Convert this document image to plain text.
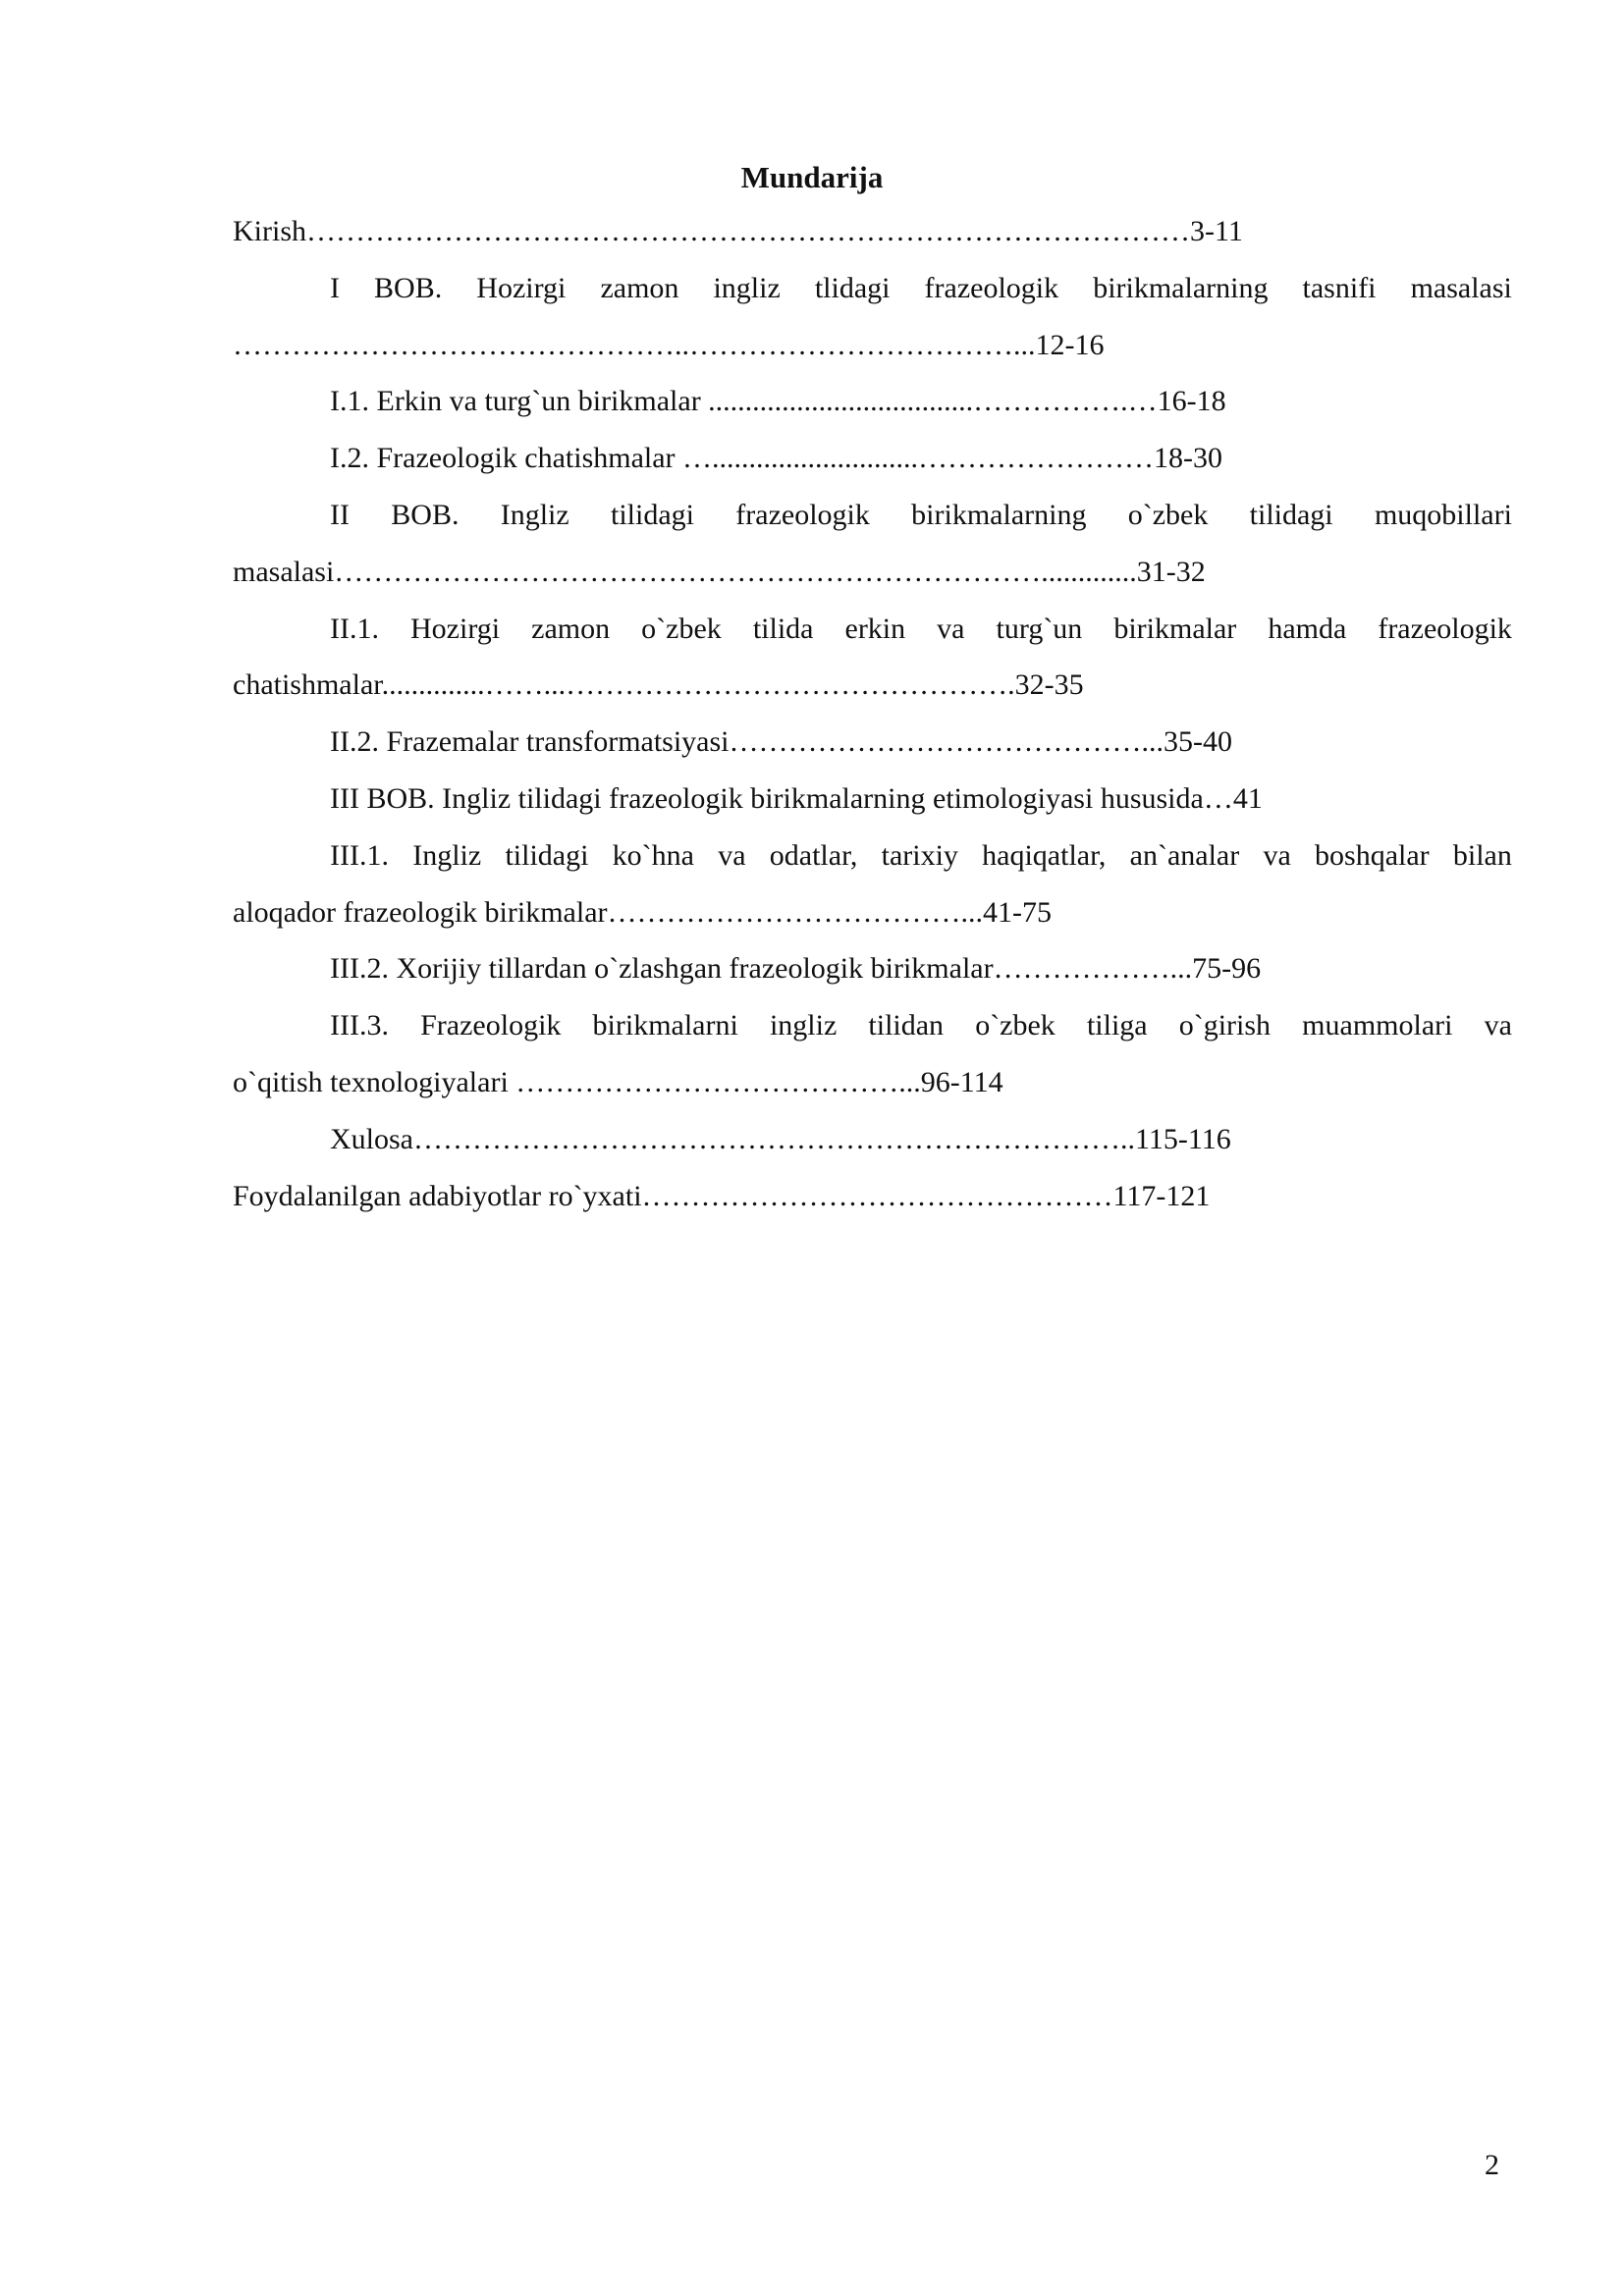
Mundarija
Kirish………………………………………………………………………………3-11
I BOB. Hozirgi zamon ingliz tlidagi frazeologik birikmalarning tasnifi masalasi
………………………………………..……………………………...12-16
I.1. Erkin va turg`un birikmalar ....................................…………….…16-18
I.2. Frazeologik chatishmalar …............................……………………18-30
II BOB. Ingliz tilidagi frazeologik birikmalarning o`zbek tilidagi muqobillari
masalasi……………………………………………………………….............31-32
II.1. Hozirgi zamon o`zbek tilida erkin va turg`un birikmalar hamda frazeologik
chatishmalar..............……...……………………………………….32-35
II.2. Frazemalar transformatsiyasi……………………………………...35-40
III BOB. Ingliz tilidagi frazeologik birikmalarning etimologiyasi hususida…41
III.1. Ingliz tilidagi ko`hna va odatlar, tarixiy haqiqatlar, an`analar va boshqalar bilan
aloqador frazeologik birikmalar………………………………...41-75
III.2. Xorijiy tillardan o`zlashgan frazeologik birikmalar………………...75-96
III.3. Frazeologik birikmalarni ingliz tilidan o`zbek tiliga o`girish muammolari va
o`qitish texnologiyalari …………………………………...96-114
Xulosa………………………………………………………………..115-116
Foydalanilgan adabiyotlar ro`yxati…………………………………………117-121
2
